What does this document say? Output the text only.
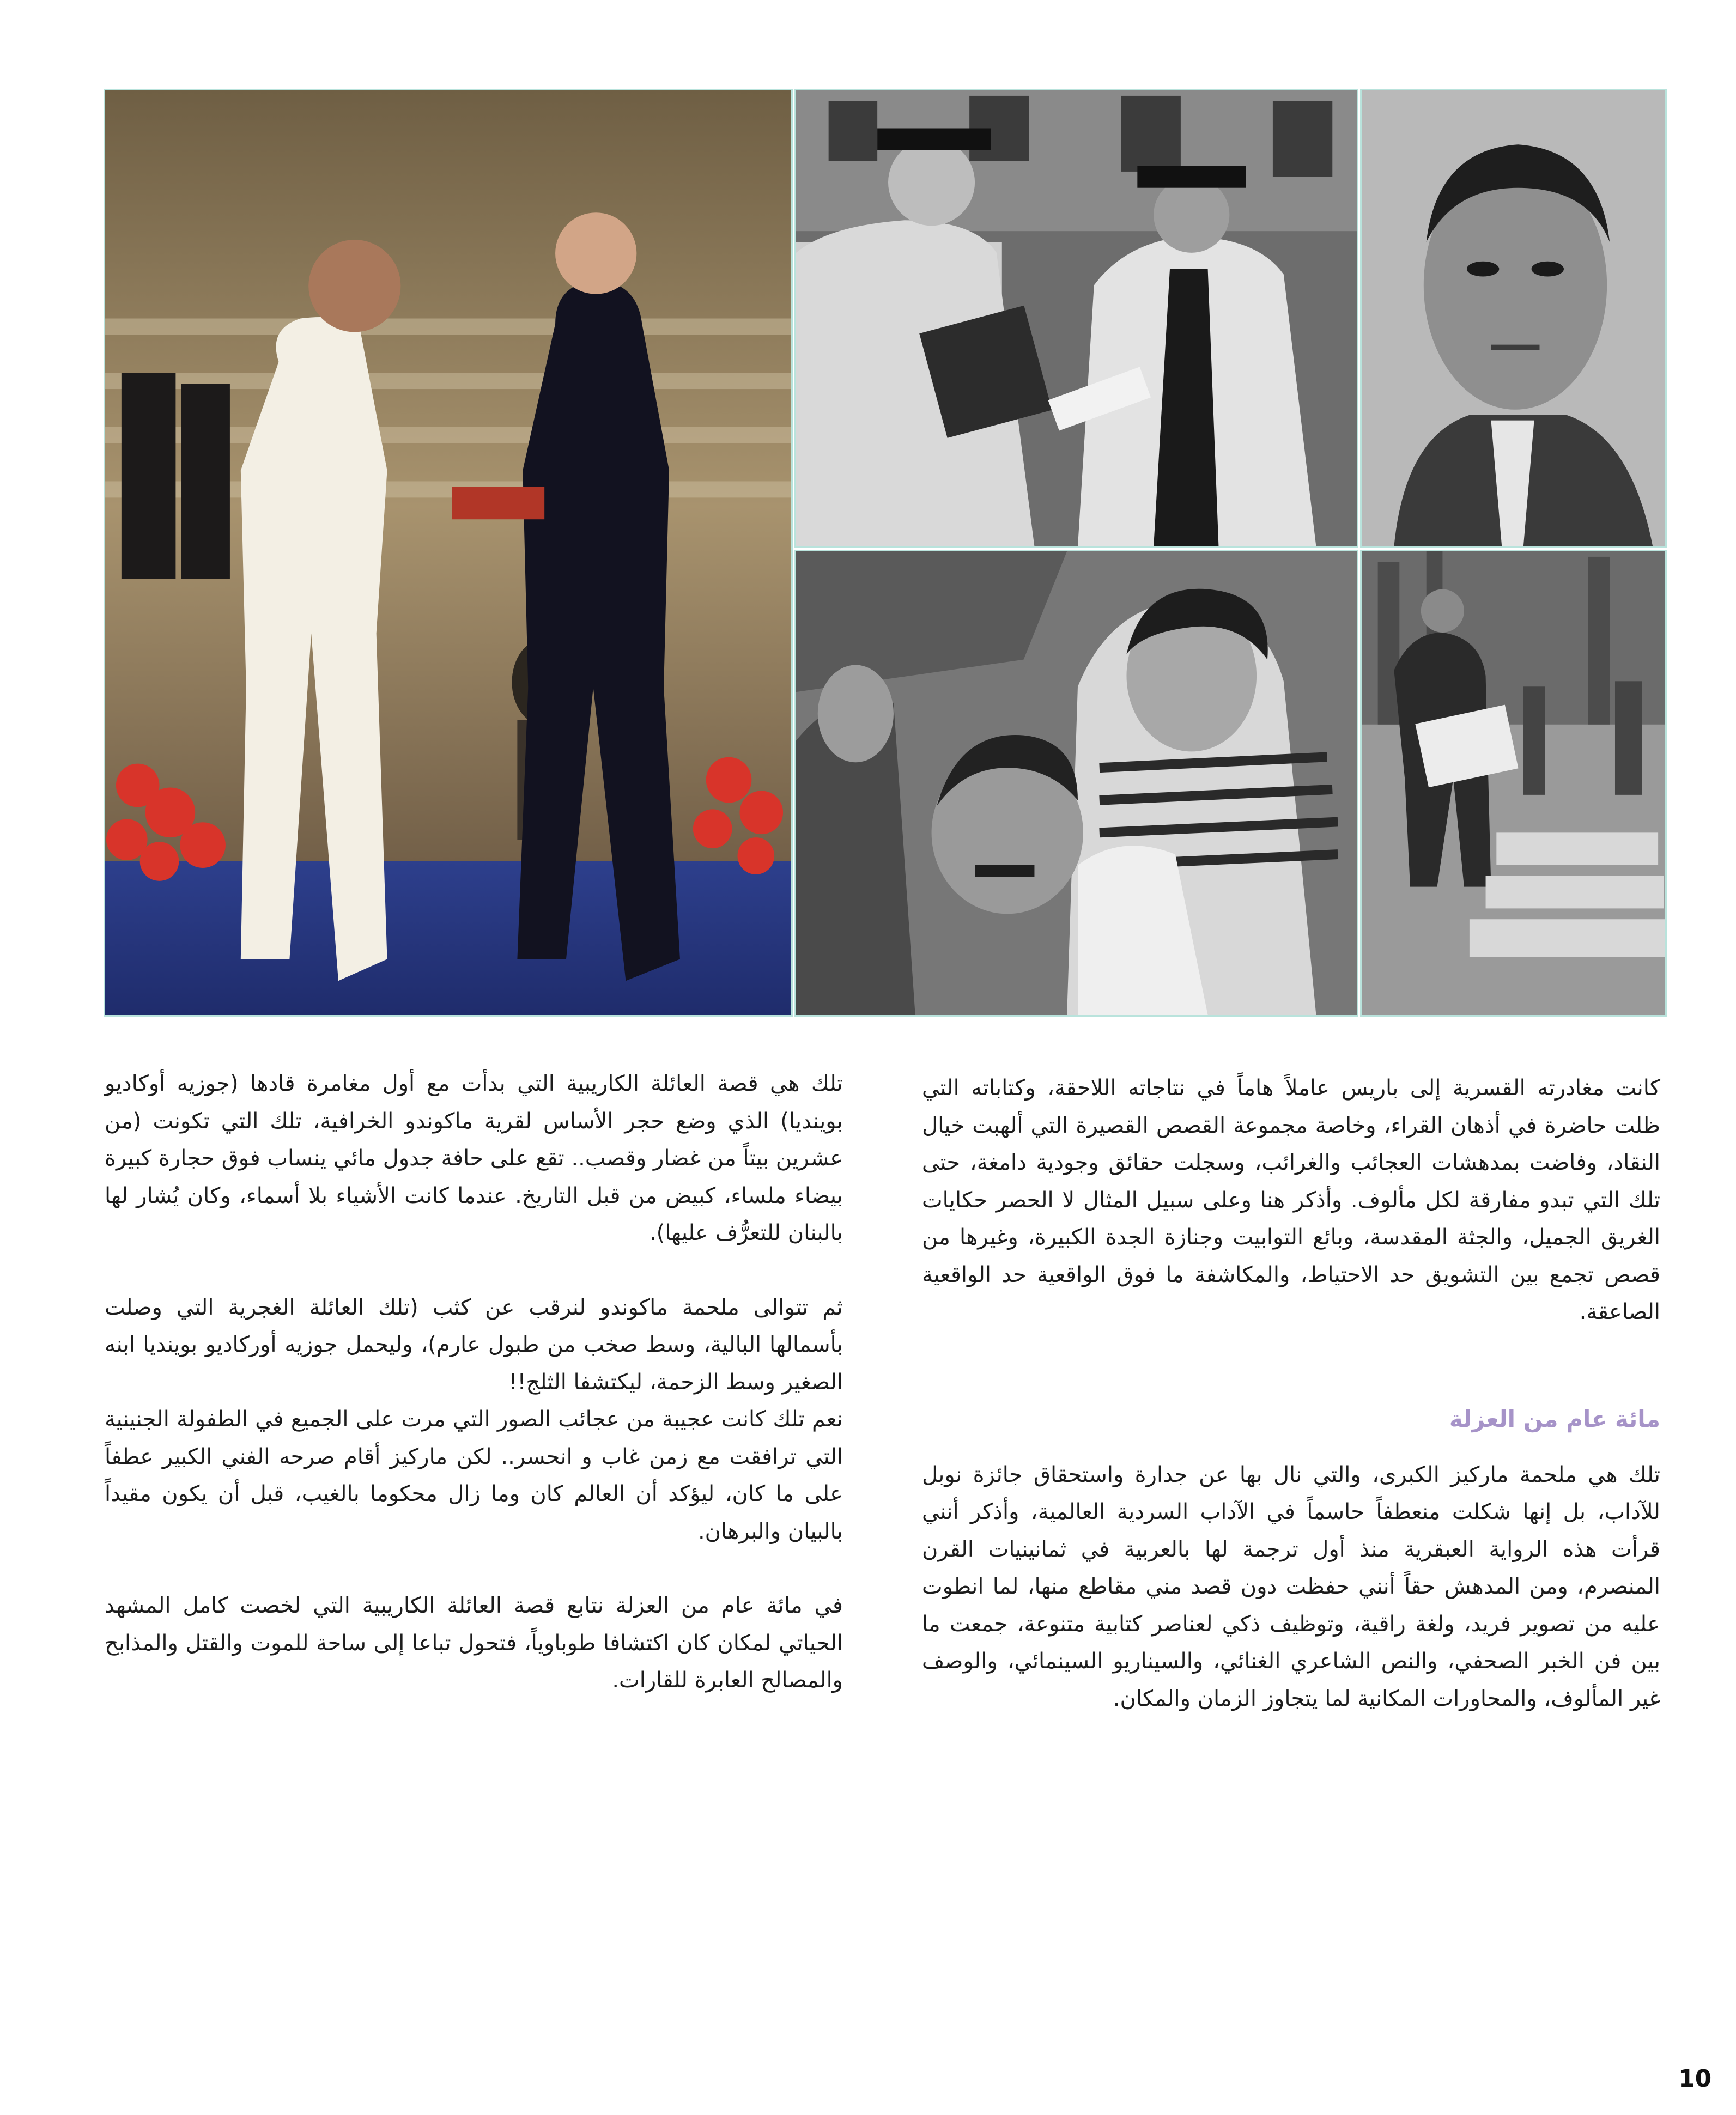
كانت مغادرته القسرية إلى باريس عاملاً هاماً في نتاجاته اللاحقة، وكتاباته التي ظلت حاضرة في أذهان القراء، وخاصة مجموعة القصص القصيرة التي ألهبت خيال النقاد، وفاضت بمدهشات العجائب والغرائب، وسجلت حقائق وجودية دامغة، حتى تلك التي تبدو مفارقة لكل مألوف. وأذكر هنا وعلى سبيل المثال لا الحصر حكايات الغريق الجميل، والجثة المقدسة، وبائع التوابيت وجنازة الجدة الكبيرة، وغيرها من قصص تجمع بين التشويق حد الاحتياط، والمكاشفة ما فوق الواقعية حد الواقعية الصاعقة.

مائة عام من العزلة

تلك هي ملحمة ماركيز الكبرى، والتي نال بها عن جدارة واستحقاق جائزة نوبل للآداب، بل إنها شكلت منعطفاً حاسماً في الآداب السردية العالمية، وأذكر أنني قرأت هذه الرواية العبقرية منذ أول ترجمة لها بالعربية في ثمانينيات القرن المنصرم، ومن المدهش حقاً أنني حفظت دون قصد مني مقاطع منها، لما انطوت عليه من تصوير فريد، ولغة راقية، وتوظيف ذكي لعناصر كتابية متنوعة، جمعت ما بين فن الخبر الصحفي، والنص الشاعري الغنائي، والسيناريو السينمائي، والوصف غير المألوف، والمحاورات المكانية لما يتجاوز الزمان والمكان.

تلك هي قصة العائلة الكاريبية التي بدأت مع أول مغامرة قادها (جوزيه أوكاديو بوينديا) الذي وضع حجر الأساس لقرية ماكوندو الخرافية، تلك التي تكونت (من عشرين بيتاً من غضار وقصب.. تقع على حافة جدول مائي ينساب فوق حجارة كبيرة بيضاء ملساء، كبيض من قبل التاريخ. عندما كانت الأشياء بلا أسماء، وكان يُشار لها بالبنان للتعرُّف عليها).

ثم تتوالى ملحمة ماكوندو لنرقب عن كثب (تلك العائلة الغجرية التي وصلت بأسمالها البالية، وسط صخب من طبول عارم)، وليحمل جوزيه أوركاديو بوينديا ابنه الصغير وسط الزحمة، ليكتشفا الثلج!!

نعم تلك كانت عجيبة من عجائب الصور التي مرت على الجميع في الطفولة الجنينية التي ترافقت مع زمن غاب و انحسر.. لكن ماركيز أقام صرحه الفني الكبير عطفاً على ما كان، ليؤكد أن العالم كان وما زال محكوما بالغيب، قبل أن يكون مقيداً بالبيان والبرهان.

في مائة عام من العزلة نتابع قصة العائلة الكاريبية التي لخصت كامل المشهد الحياتي لمكان كان اكتشافا طوباوياً، فتحول تباعا إلى ساحة للموت والقتل والمذابح والمصالح العابرة للقارات.

10
